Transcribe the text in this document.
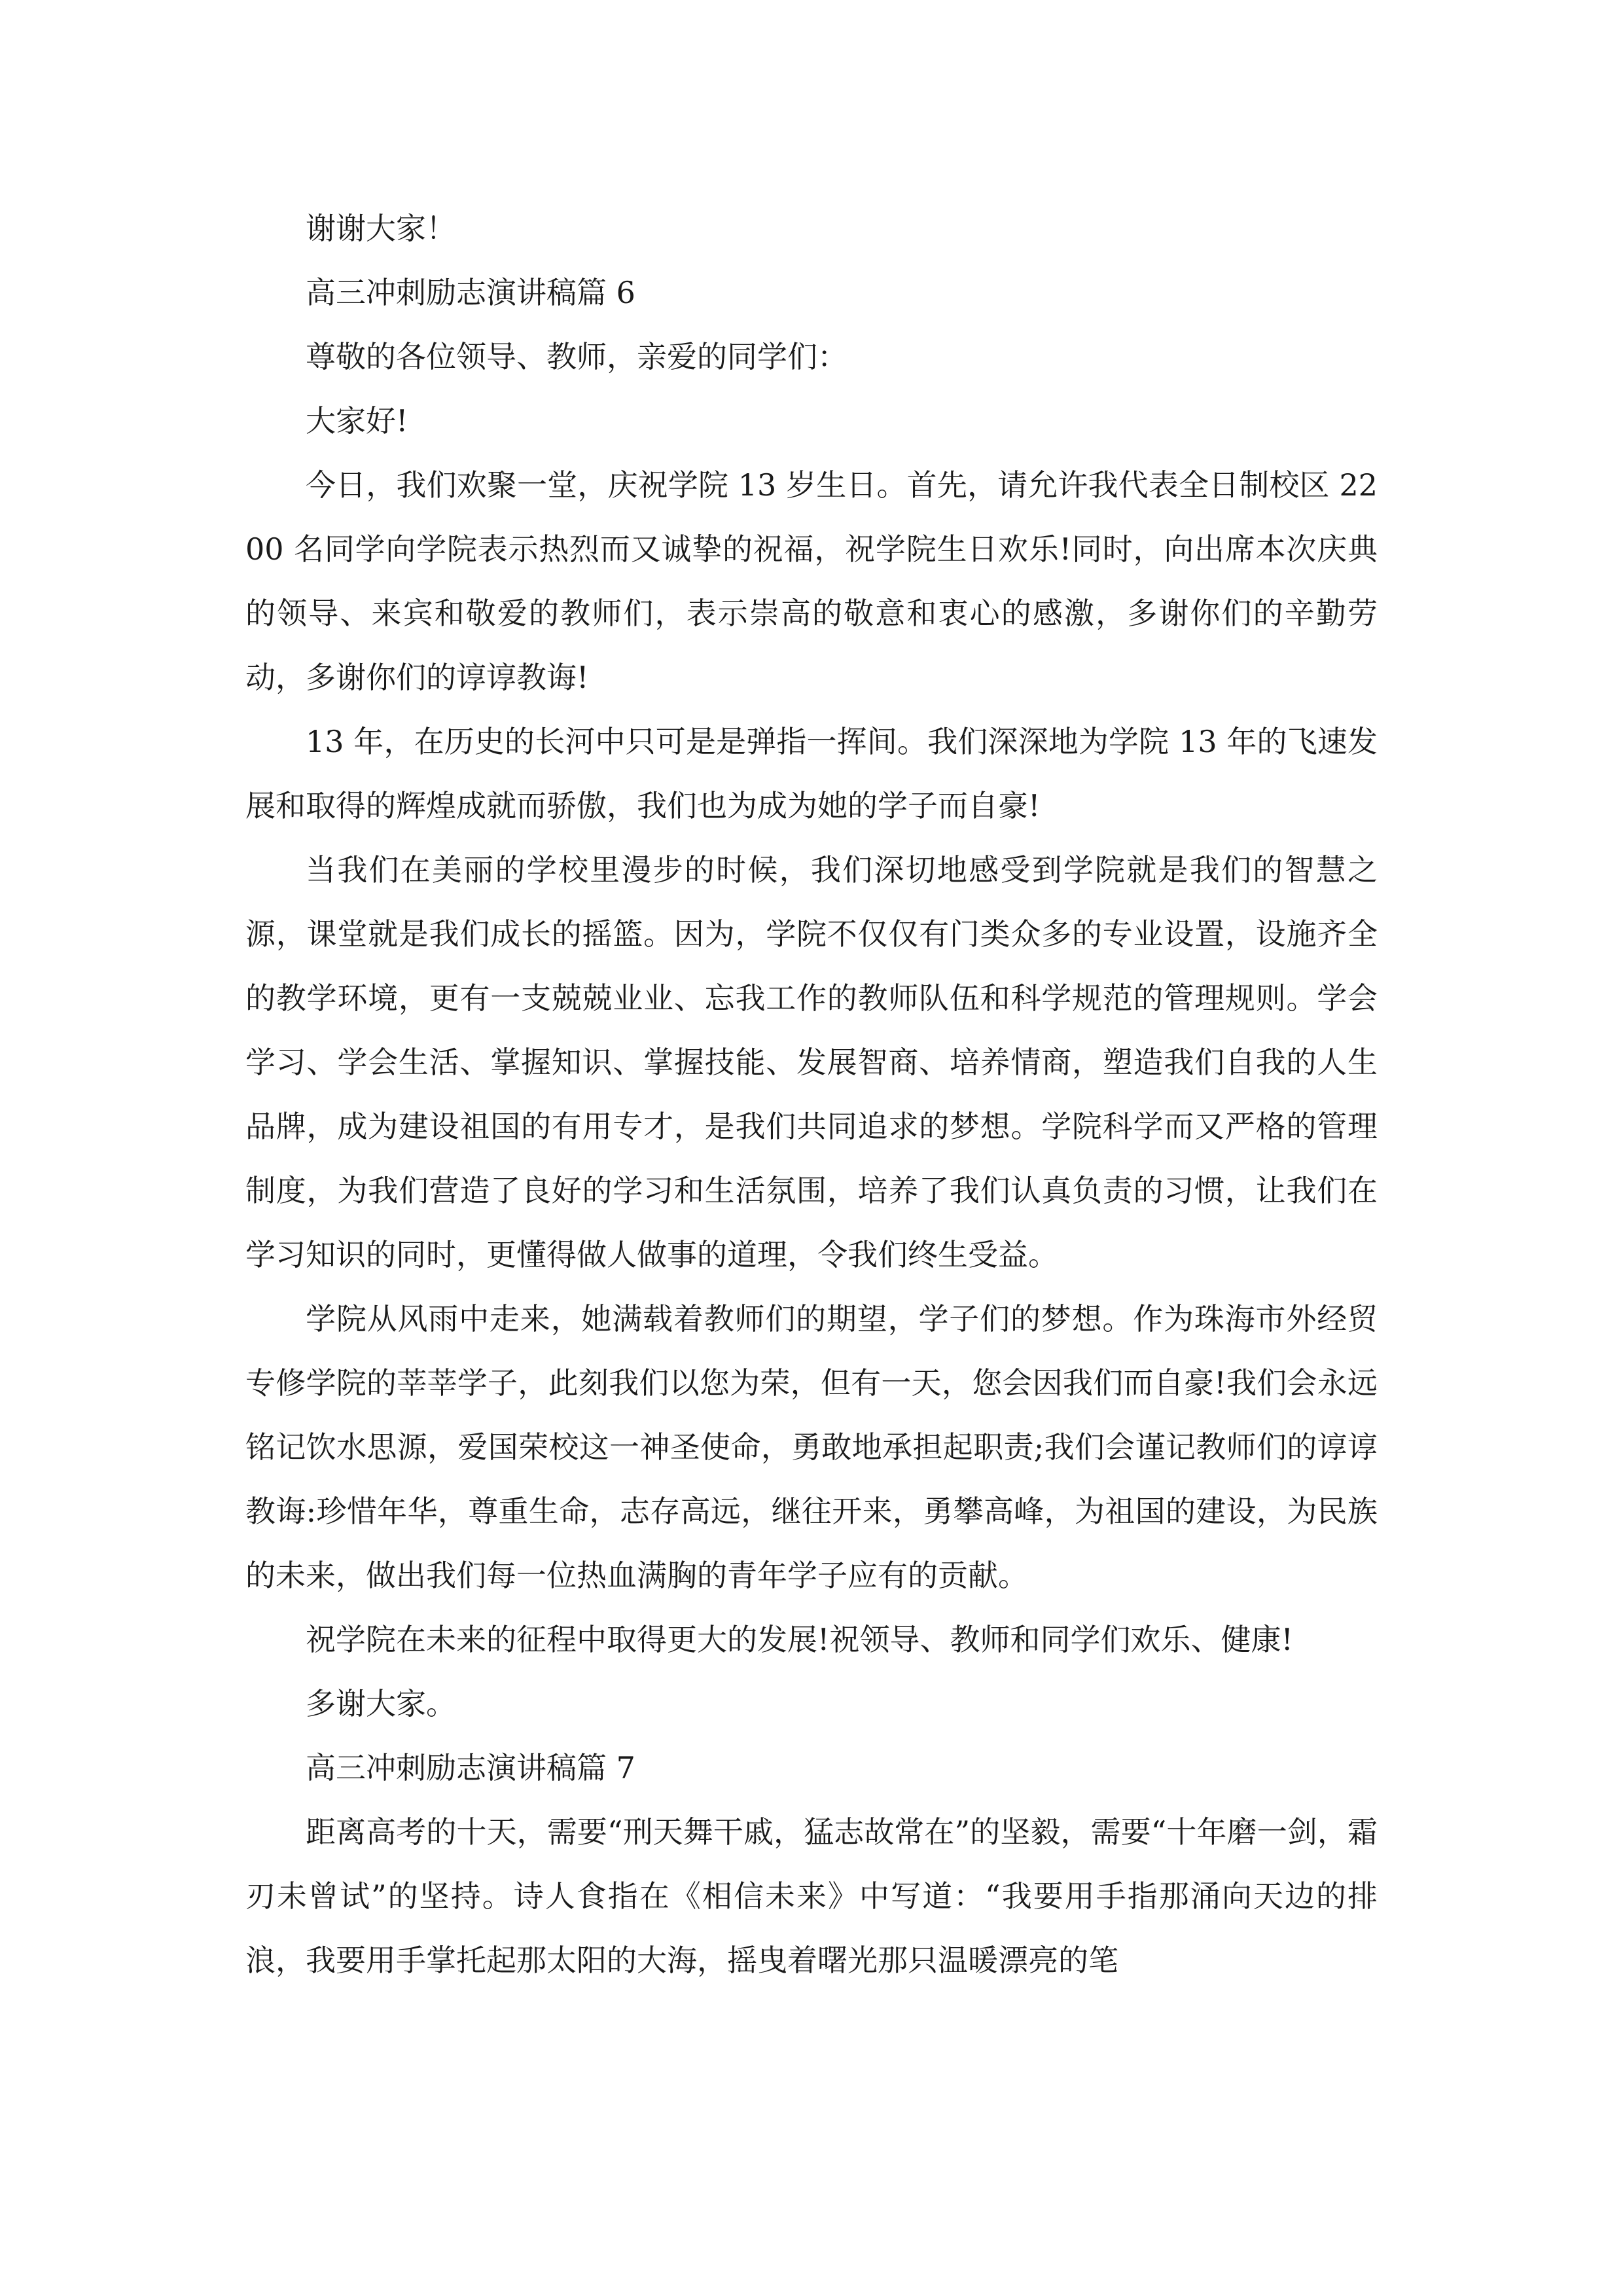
谢谢大家！

高三冲刺励志演讲稿篇 6

尊敬的各位领导、教师，亲爱的同学们：

大家好!

今日，我们欢聚一堂，庆祝学院 13 岁生日。首先，请允许我代表全日制校区 2200 名同学向学院表示热烈而又诚挚的祝福，祝学院生日欢乐!同时，向出席本次庆典的领导、来宾和敬爱的教师们，表示崇高的敬意和衷心的感激，多谢你们的辛勤劳动，多谢你们的谆谆教诲!

13 年，在历史的长河中只可是是弹指一挥间。我们深深地为学院 13 年的飞速发展和取得的辉煌成就而骄傲，我们也为成为她的学子而自豪!

当我们在美丽的学校里漫步的时候，我们深切地感受到学院就是我们的智慧之源，课堂就是我们成长的摇篮。因为，学院不仅仅有门类众多的专业设置，设施齐全的教学环境，更有一支兢兢业业、忘我工作的教师队伍和科学规范的管理规则。学会学习、学会生活、掌握知识、掌握技能、发展智商、培养情商，塑造我们自我的人生品牌，成为建设祖国的有用专才，是我们共同追求的梦想。学院科学而又严格的管理制度，为我们营造了良好的学习和生活氛围，培养了我们认真负责的习惯，让我们在学习知识的同时，更懂得做人做事的道理，令我们终生受益。

学院从风雨中走来，她满载着教师们的期望，学子们的梦想。作为珠海市外经贸专修学院的莘莘学子，此刻我们以您为荣，但有一天，您会因我们而自豪!我们会永远铭记饮水思源，爱国荣校这一神圣使命，勇敢地承担起职责;我们会谨记教师们的谆谆教诲:珍惜年华，尊重生命，志存高远，继往开来，勇攀高峰，为祖国的建设，为民族的未来，做出我们每一位热血满胸的青年学子应有的贡献。

祝学院在未来的征程中取得更大的发展!祝领导、教师和同学们欢乐、健康!

多谢大家。

高三冲刺励志演讲稿篇 7

距离高考的十天，需要“刑天舞干戚，猛志故常在”的坚毅，需要“十年磨一剑，霜刃未曾试”的坚持。诗人食指在《相信未来》中写道：“我要用手指那涌向天边的排浪，我要用手掌托起那太阳的大海，摇曳着曙光那只温暖漂亮的笔
